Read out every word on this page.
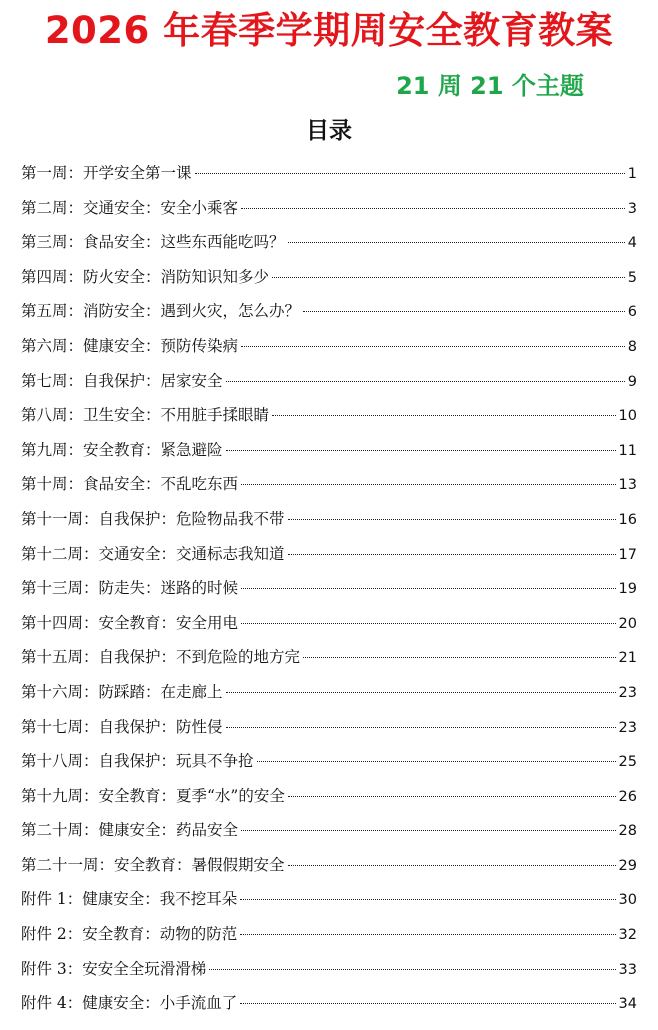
2026 年春季学期周安全教育教案
21 周 21 个主题
目录
第一周：开学安全第一课	1
第二周：交通安全：安全小乘客	3
第三周：食品安全：这些东西能吃吗？	4
第四周：防火安全：消防知识知多少	5
第五周：消防安全：遇到火灾，怎么办？	6
第六周：健康安全：预防传染病	8
第七周：自我保护：居家安全	9
第八周：卫生安全：不用脏手揉眼睛	10
第九周：安全教育：紧急避险	11
第十周：食品安全：不乱吃东西	13
第十一周：自我保护：危险物品我不带	16
第十二周：交通安全：交通标志我知道	17
第十三周：防走失：迷路的时候	19
第十四周：安全教育：安全用电	20
第十五周：自我保护：不到危险的地方完	21
第十六周：防踩踏：在走廊上	23
第十七周：自我保护：防性侵	23
第十八周：自我保护：玩具不争抢	25
第十九周：安全教育：夏季“水”的安全	26
第二十周：健康安全：药品安全	28
第二十一周：安全教育：暑假假期安全	29
附件 1：健康安全：我不挖耳朵	30
附件 2：安全教育：动物的防范	32
附件 3：安安全全玩滑滑梯	33
附件 4：健康安全：小手流血了	34
